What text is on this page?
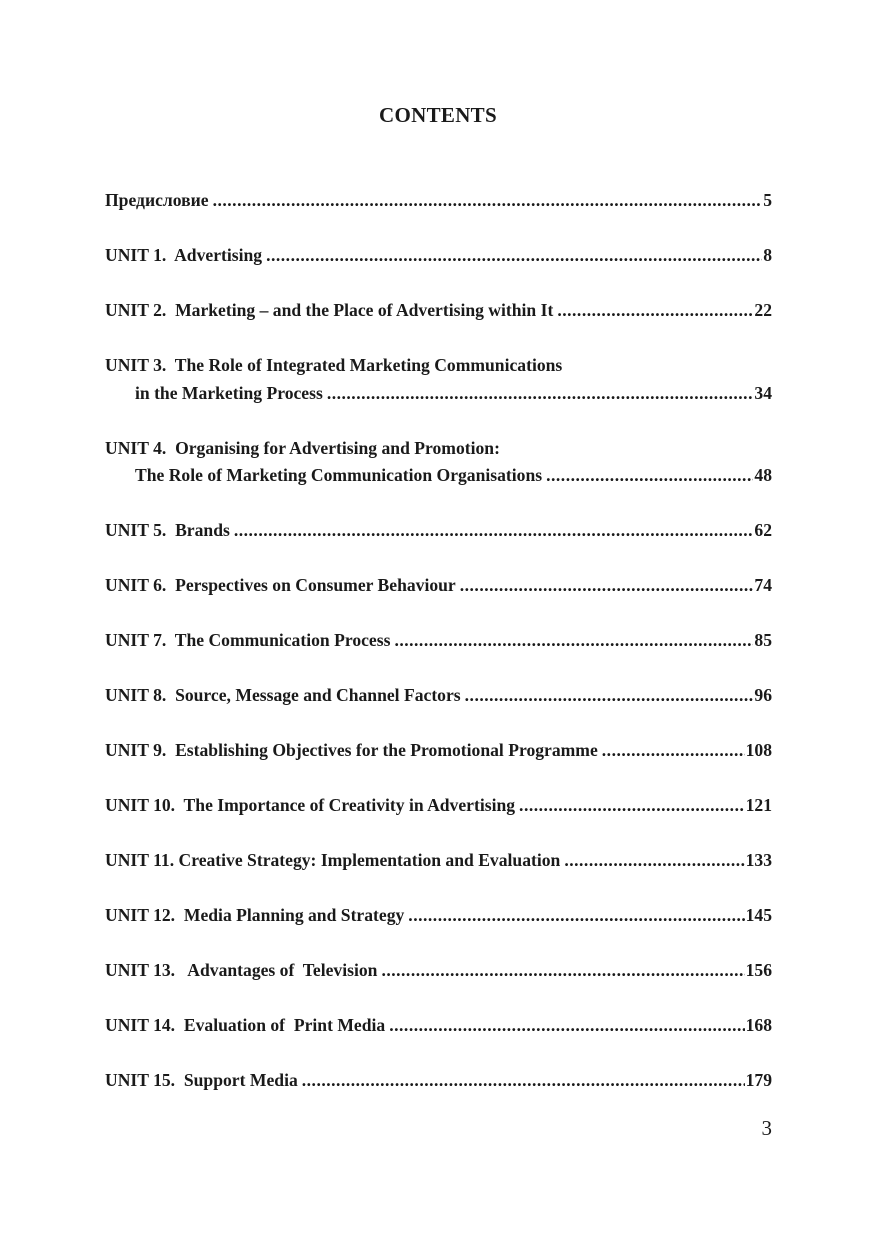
CONTENTS
Предисловие .....	5
UNIT 1.  Advertising .....	8
UNIT 2.  Marketing – and the Place of Advertising within It .....	22
UNIT 3.  The Role of Integrated Marketing Communications
in the Marketing Process .....	34
UNIT 4.  Organising for Advertising and Promotion:
The Role of Marketing Communication Organisations .....	48
UNIT 5.  Brands .....	62
UNIT 6.  Perspectives on Consumer Behaviour .....	74
UNIT 7.  The Communication Process .....	85
UNIT 8.  Source, Message and Channel Factors .....	96
UNIT 9.  Establishing Objectives for the Promotional Programme .....	108
UNIT 10.  The Importance of Creativity in Advertising .....	121
UNIT 11. Creative Strategy: Implementation and Evaluation .....	133
UNIT 12.  Media Planning and Strategy .....	145
UNIT 13.   Advantages of  Television .....	156
UNIT 14.  Evaluation of  Print Media .....	168
UNIT 15.  Support Media .....	179
3
